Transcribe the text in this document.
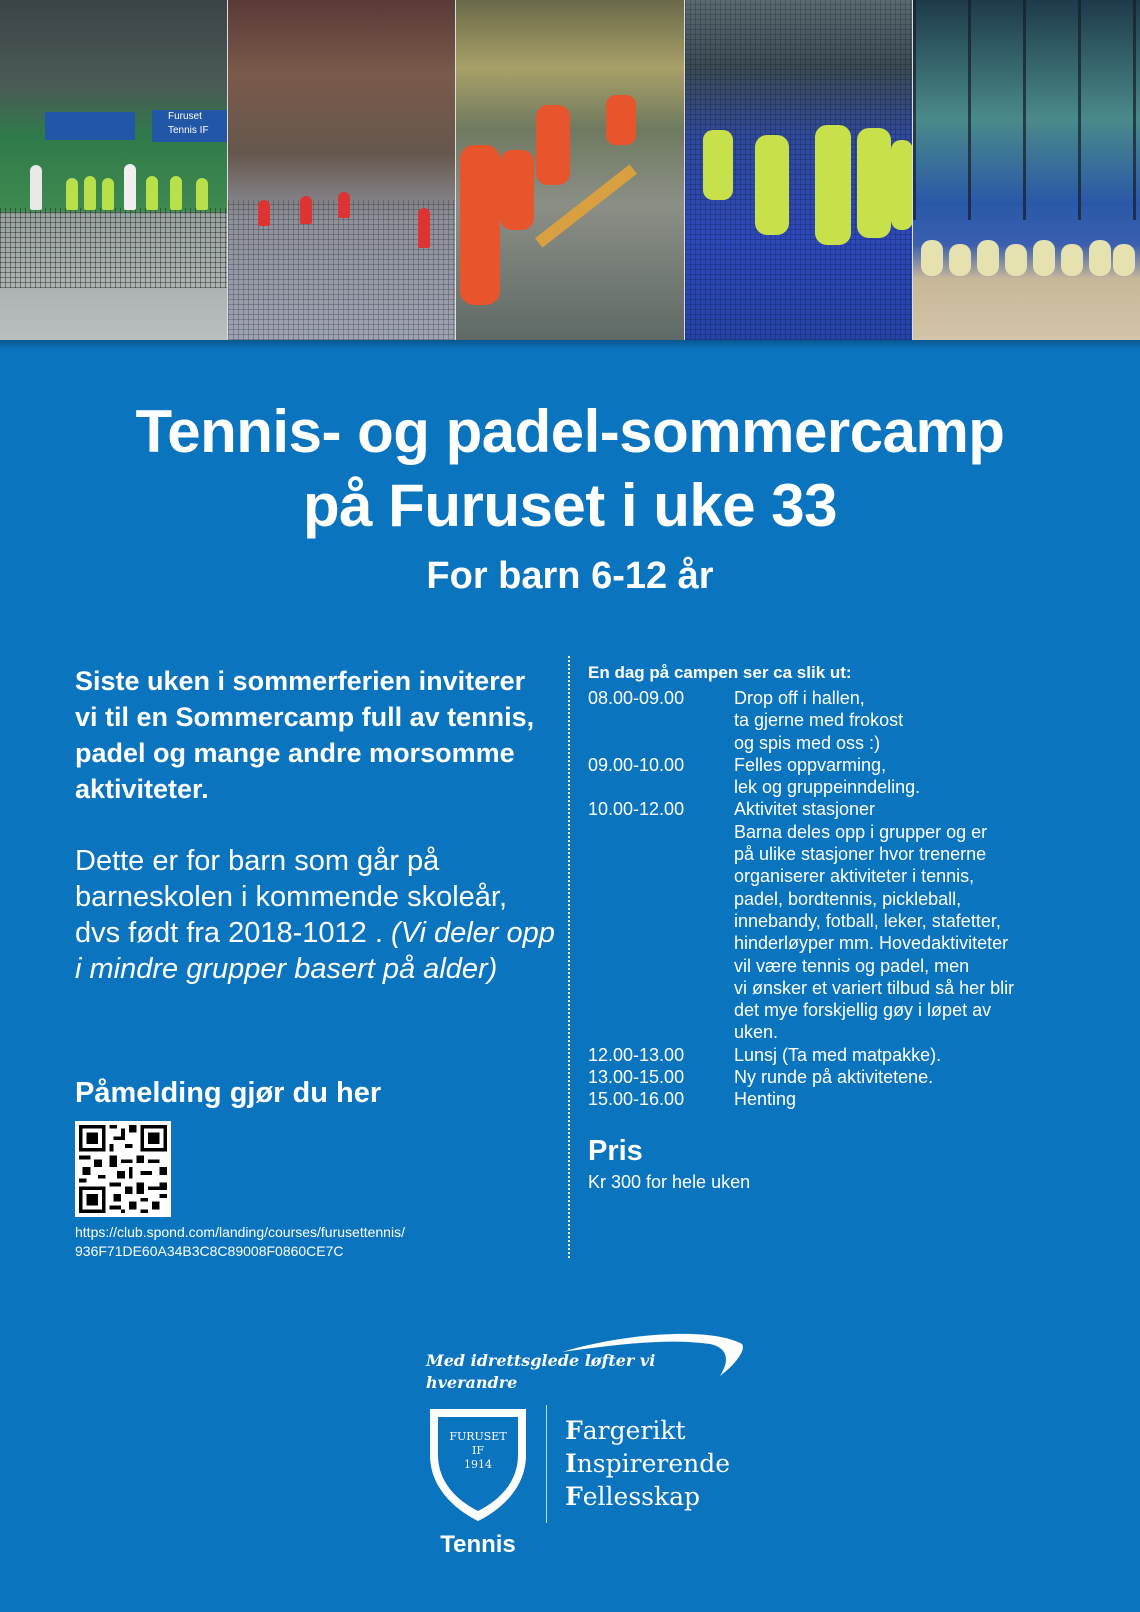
Furuset
Tennis IF
Tennis- og padel-sommercamp
på Furuset i uke 33
For barn 6-12 år
Siste uken i sommerferien inviterer vi til en Sommercamp full av tennis, padel og mange andre morsomme aktiviteter.
Dette er for barn som går på barneskolen i kommende skoleår, dvs født fra 2018-1012 . (Vi deler opp i mindre grupper basert på alder)
Påmelding gjør du her
https://club.spond.com/landing/courses/furusettennis/
936F71DE60A34B3C8C89008F0860CE7C
En dag på campen ser ca slik ut:
08.00-09.00	Drop off i hallen,
ta gjerne med frokost
og spis med oss :)
09.00-10.00	Felles oppvarming,
lek og gruppeinndeling.
10.00-12.00	Aktivitet stasjoner
Barna deles opp i grupper og er
på ulike stasjoner hvor trenerne
organiserer aktiviteter i tennis,
padel, bordtennis, pickleball,
innebandy, fotball, leker, stafetter,
hinderløyper mm. Hovedaktiviteter
vil være tennis og padel, men
vi ønsker et variert tilbud så her blir
det mye forskjellig gøy i løpet av
uken.
12.00-13.00	Lunsj (Ta med matpakke).
13.00-15.00	Ny runde på aktivitetene.
15.00-16.00	Henting
Pris
Kr 300 for hele uken
Med idrettsglede løfter vi hverandre
FURUSET
IF
1914
Tennis
Fargerikt
Inspirerende
Fellesskap
